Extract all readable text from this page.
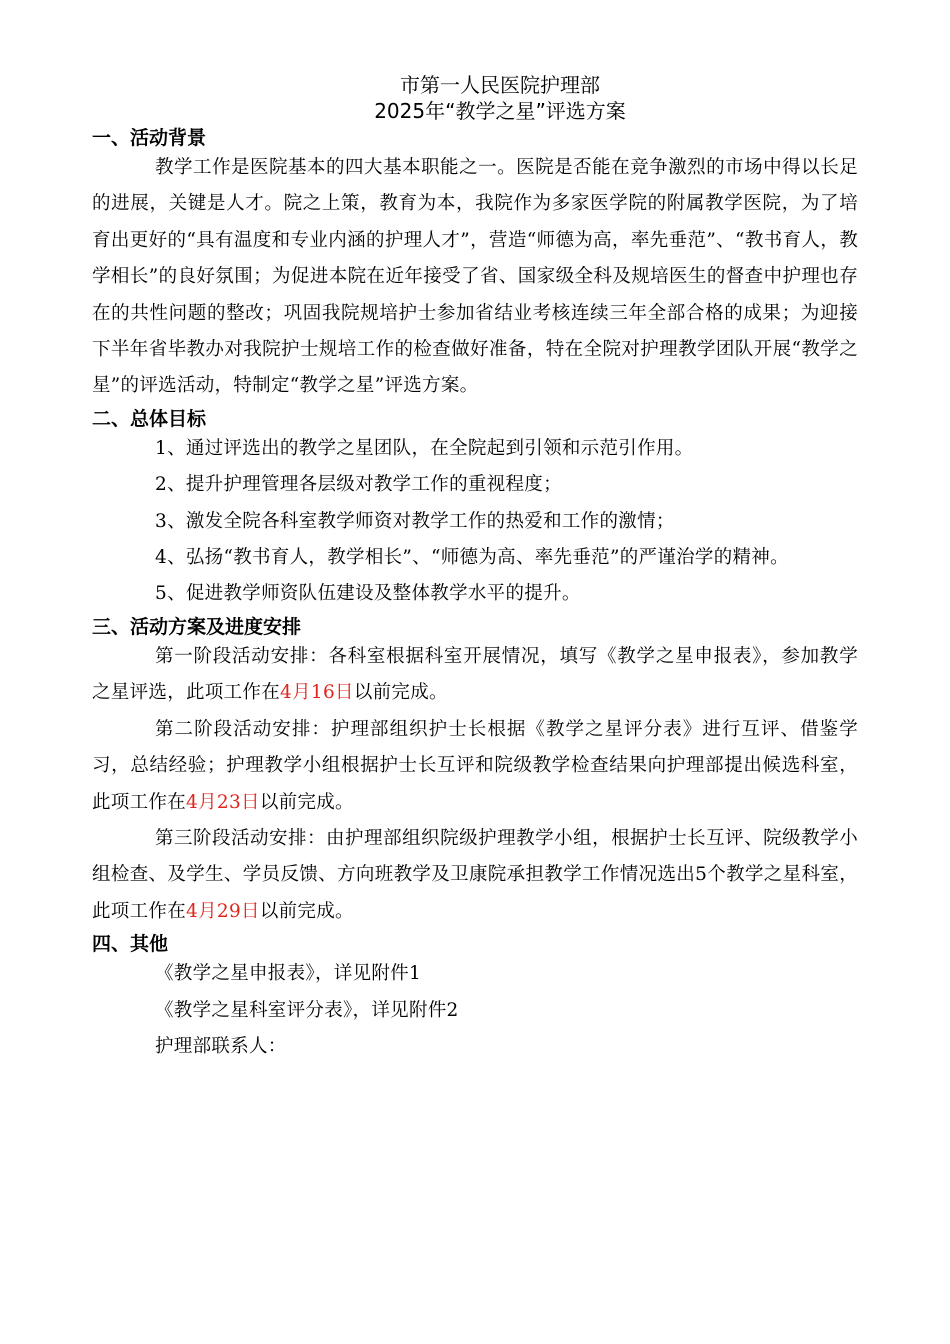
市第一人民医院护理部

2025年“教学之星”评选方案

一、活动背景

教学工作是医院基本的四大基本职能之一。医院是否能在竞争激烈的市场中得以长足的进展，关键是人才。院之上策，教育为本，我院作为多家医学院的附属教学医院，为了培育出更好的“具有温度和专业内涵的护理人才”，营造“师德为高，率先垂范”、“教书育人，教学相长”的良好氛围；为促进本院在近年接受了省、国家级全科及规培医生的督查中护理也存在的共性问题的整改；巩固我院规培护士参加省结业考核连续三年全部合格的成果；为迎接下半年省毕教办对我院护士规培工作的检查做好准备，特在全院对护理教学团队开展“教学之星”的评选活动，特制定“教学之星”评选方案。

二、总体目标

1、通过评选出的教学之星团队，在全院起到引领和示范引作用。

2、提升护理管理各层级对教学工作的重视程度；

3、激发全院各科室教学师资对教学工作的热爱和工作的激情；

4、弘扬“教书育人，教学相长”、“师德为高、率先垂范”的严谨治学的精神。

5、促进教学师资队伍建设及整体教学水平的提升。

三、活动方案及进度安排

第一阶段活动安排：各科室根据科室开展情况，填写《教学之星申报表》，参加教学之星评选，此项工作在4月16日以前完成。

第二阶段活动安排：护理部组织护士长根据《教学之星评分表》进行互评、借鉴学习，总结经验；护理教学小组根据护士长互评和院级教学检查结果向护理部提出候选科室，此项工作在4月23日以前完成。

第三阶段活动安排：由护理部组织院级护理教学小组，根据护士长互评、院级教学小组检查、及学生、学员反馈、方向班教学及卫康院承担教学工作情况选出5个教学之星科室，此项工作在4月29日以前完成。

四、其他

《教学之星申报表》，详见附件1

《教学之星科室评分表》，详见附件2

护理部联系人：
